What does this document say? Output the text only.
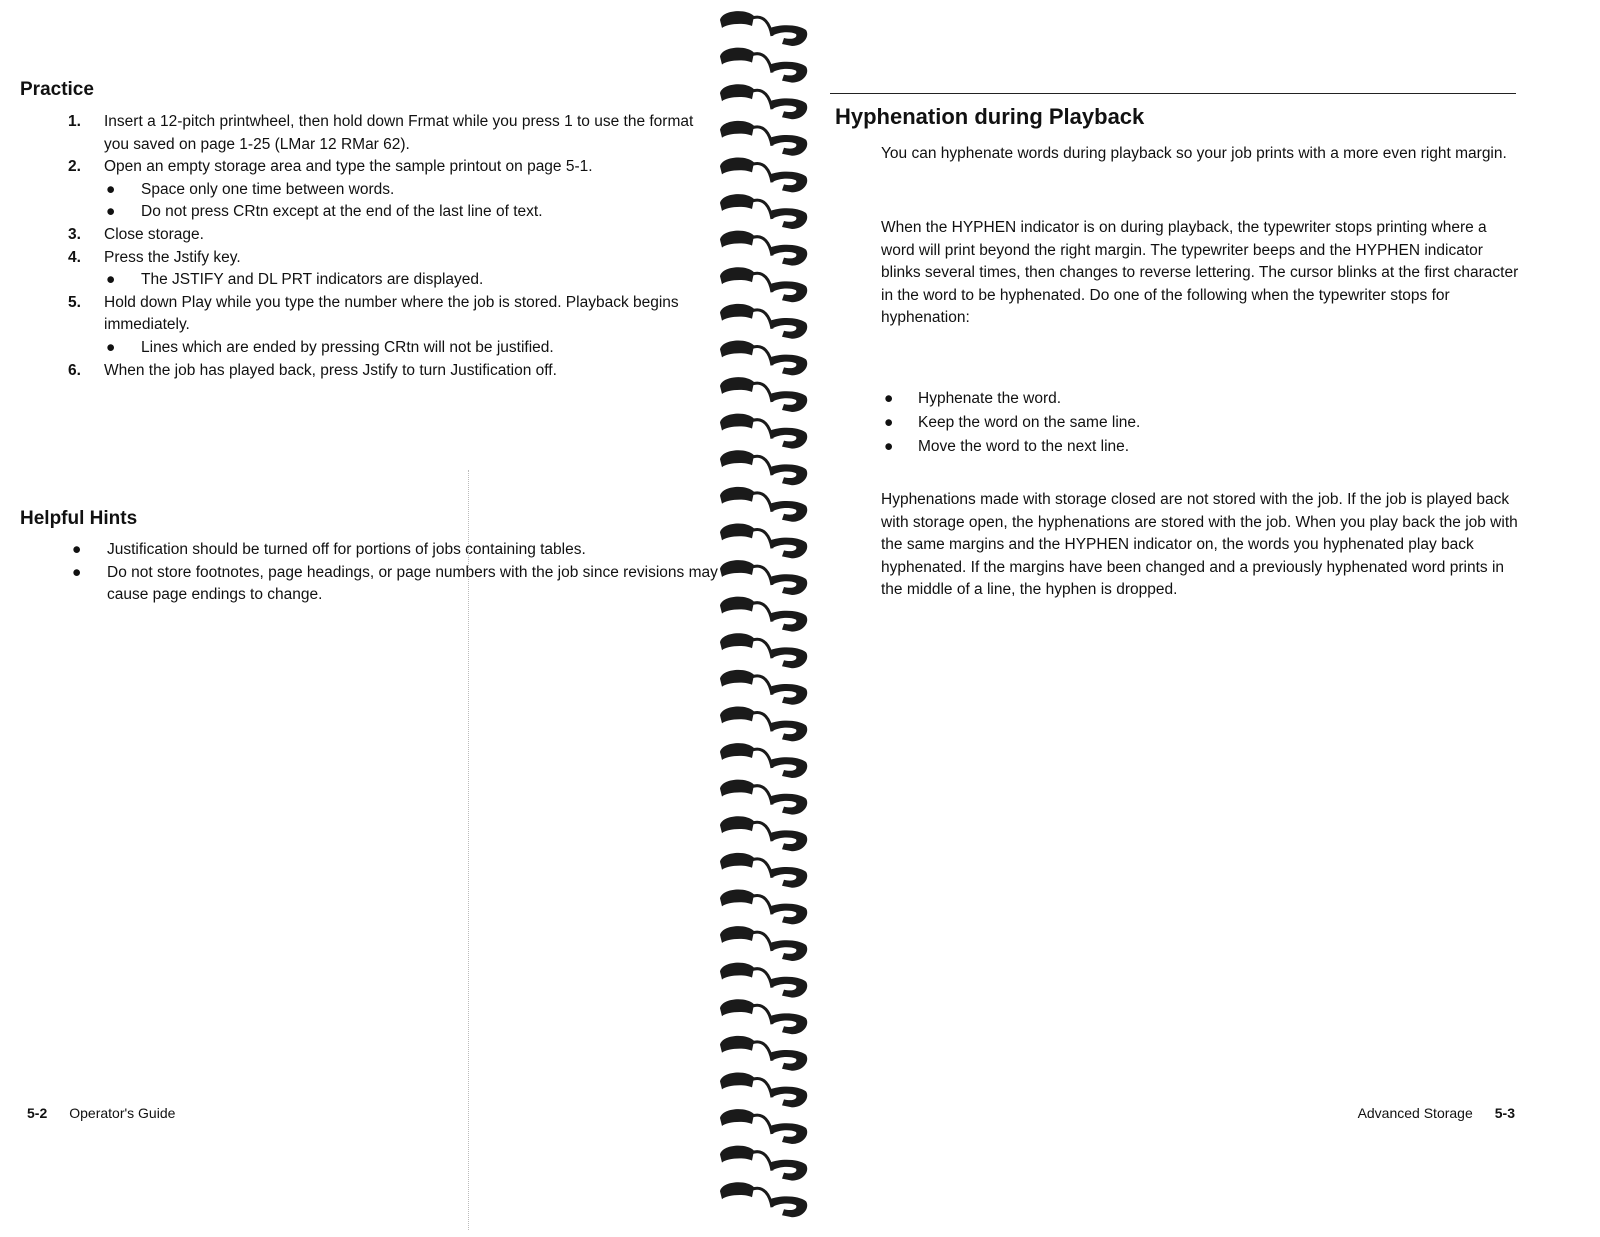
Practice
1. Insert a 12-pitch printwheel, then hold down Frmat while you press 1 to use the format you saved on page 1-25 (LMar 12 RMar 62).
2. Open an empty storage area and type the sample printout on page 5-1.
● Space only one time between words.
● Do not press CRtn except at the end of the last line of text.
3. Close storage.
4. Press the Jstify key.
● The JSTIFY and DL PRT indicators are displayed.
5. Hold down Play while you type the number where the job is stored. Playback begins immediately.
● Lines which are ended by pressing CRtn will not be justified.
6. When the job has played back, press Jstify to turn Justification off.
Helpful Hints
● Justification should be turned off for portions of jobs containing tables.
● Do not store footnotes, page headings, or page numbers with the job since revisions may cause page endings to change.
5-2 Operator's Guide
Hyphenation during Playback

You can hyphenate words during playback so your job prints with a more even right margin.

When the HYPHEN indicator is on during playback, the typewriter stops printing where a word will print beyond the right margin. The typewriter beeps and the HYPHEN indicator blinks several times, then changes to reverse lettering. The cursor blinks at the first character in the word to be hyphenated. Do one of the following when the typewriter stops for hyphenation:

● Hyphenate the word.
● Keep the word on the same line.
● Move the word to the next line.

Hyphenations made with storage closed are not stored with the job. If the job is played back with storage open, the hyphenations are stored with the job. When you play back the job with the same margins and the HYPHEN indicator on, the words you hyphenated play back hyphenated. If the margins have been changed and a previously hyphenated word prints in the middle of a line, the hyphen is dropped.

Advanced Storage 5-3
